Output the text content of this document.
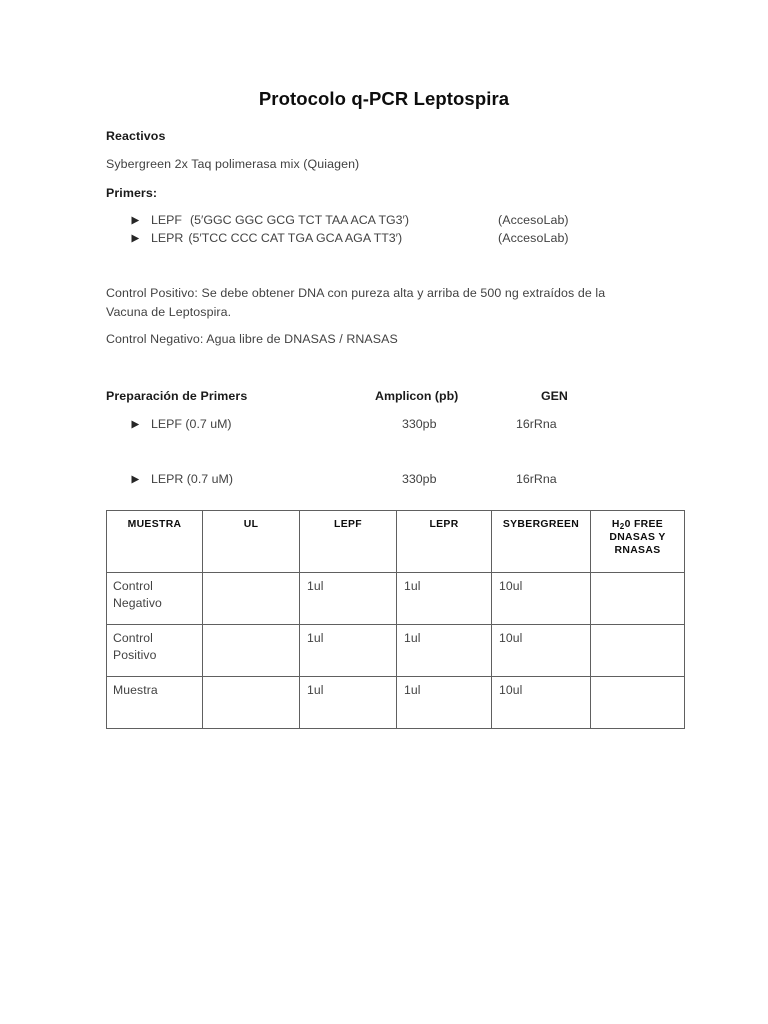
Protocolo q-PCR Leptospira
Reactivos
Sybergreen 2x Taq polimerasa mix (Quiagen)
Primers:
LEPF (5′GGC GGC GCG TCT TAA ACA TG3′)	(AccesoLab)
LEPR (5′TCC CCC CAT TGA GCA AGA TT3′)	(AccesoLab)
Control Positivo: Se debe obtener DNA con pureza alta y arriba de 500 ng extraídos de la
Vacuna de Leptospira.
Control Negativo: Agua libre de DNASAS / RNASAS
Preparación de Primers	Amplicon (pb)	GEN
LEPF (0.7 uM)	330pb	16rRna
LEPR (0.7 uM)	330pb	16rRna
MUESTRA	UL	LEPF	LEPR	SYBERGREEN	$H_20$ FREE
DNASAS Y
RNASAS

Control
Negativo		1ul	1ul	10ul	

Control
Positivo		1ul	1ul	10ul	

Muestra		1ul	1ul	10ul	
